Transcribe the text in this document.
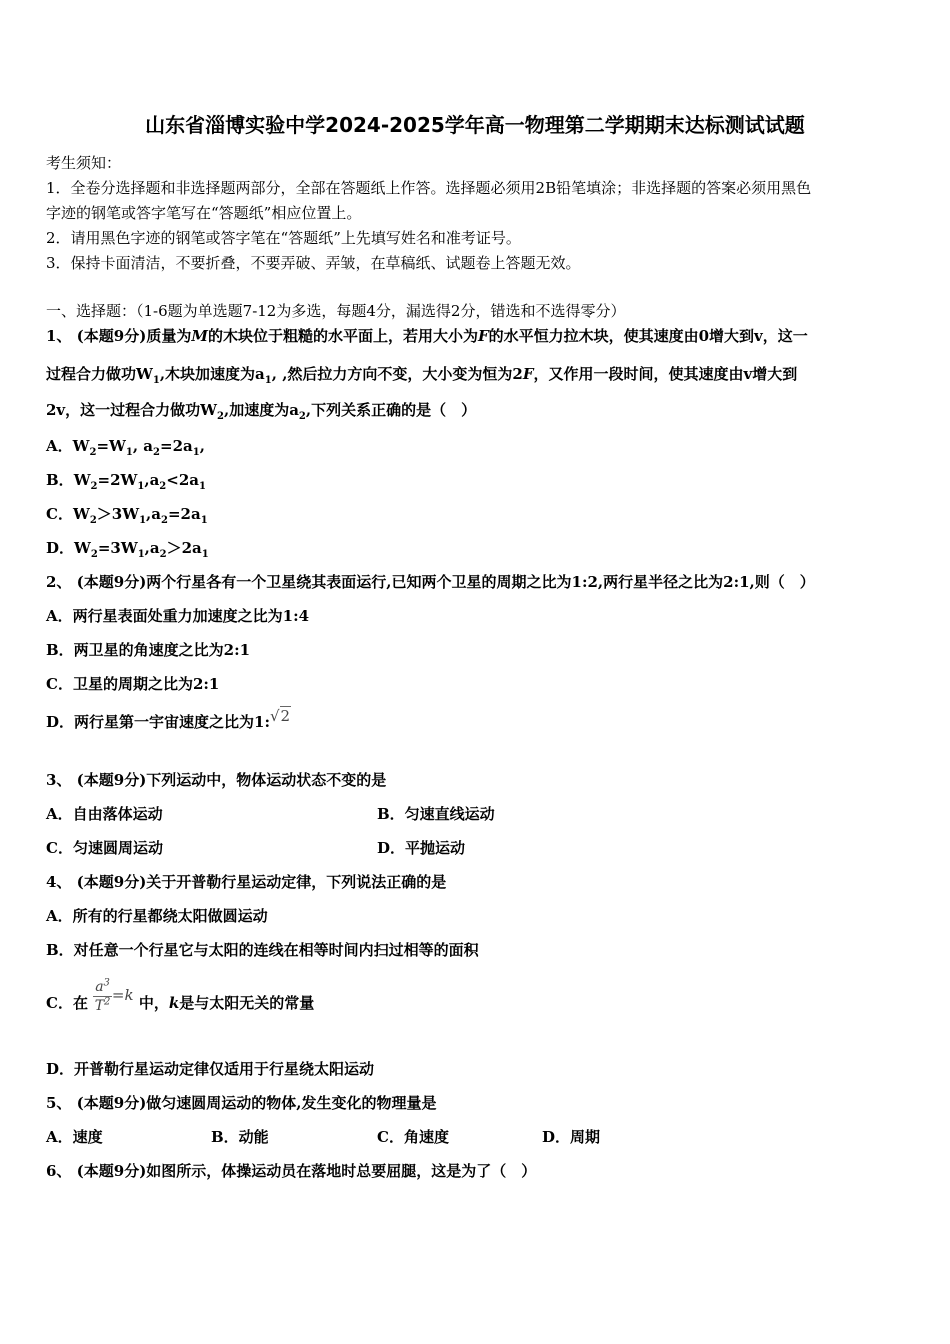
山东省淄博实验中学2024-2025学年高一物理第二学期期末达标测试试题
考生须知：
1．全卷分选择题和非选择题两部分，全部在答题纸上作答。选择题必须用2B铅笔填涂；非选择题的答案必须用黑色
字迹的钢笔或答字笔写在“答题纸”相应位置上。
2．请用黑色字迹的钢笔或答字笔在“答题纸”上先填写姓名和准考证号。
3．保持卡面清洁，不要折叠，不要弄破、弄皱，在草稿纸、试题卷上答题无效。
一、选择题：（1-6题为单选题7-12为多选，每题4分，漏选得2分，错选和不选得零分）
1、 (本题9分)质量为M的木块位于粗糙的水平面上，若用大小为F的水平恒力拉木块，使其速度由0增大到v，这一
过程合力做功$W_1$,木块加速度为$a_1$, ,然后拉力方向不变，大小变为恒为2F，又作用一段时间，使其速度由v增大到
2v，这一过程合力做功$W_2$,加速度为$a_2$,下列关系正确的是（　）
A．$W_2=W_1$, $a_2=2a_1$,
B．$W_2=2W_1,a_2<2a_1$
C．$W_2>3W_1,a_2=2a_1$
D．$W_2=3W_1,a_2>2a_1$
2、 (本题9分)两个行星各有一个卫星绕其表面运行,已知两个卫星的周期之比为1:2,两行星半径之比为2:1,则（　）
A．两行星表面处重力加速度之比为1:4
B．两卫星的角速度之比为2:1
C．卫星的周期之比为2:1
D．两行星第一宇宙速度之比为1:√2
3、 (本题9分)下列运动中，物体运动状态不变的是
A．自由落体运动	B．匀速直线运动
C．匀速圆周运动	D．平抛运动
4、 (本题9分)关于开普勒行星运动定律，下列说法正确的是
A．所有的行星都绕太阳做圆运动
B．对任意一个行星它与太阳的连线在相等时间内扫过相等的面积
C．在 $\frac{a^3}{T^2} =k$ 中，k是与太阳无关的常量
D．开普勒行星运动定律仅适用于行星绕太阳运动
5、 (本题9分)做匀速圆周运动的物体,发生变化的物理量是
A．速度	B．动能	C．角速度	D．周期
6、 (本题9分)如图所示，体操运动员在落地时总要屈腿，这是为了（　）
